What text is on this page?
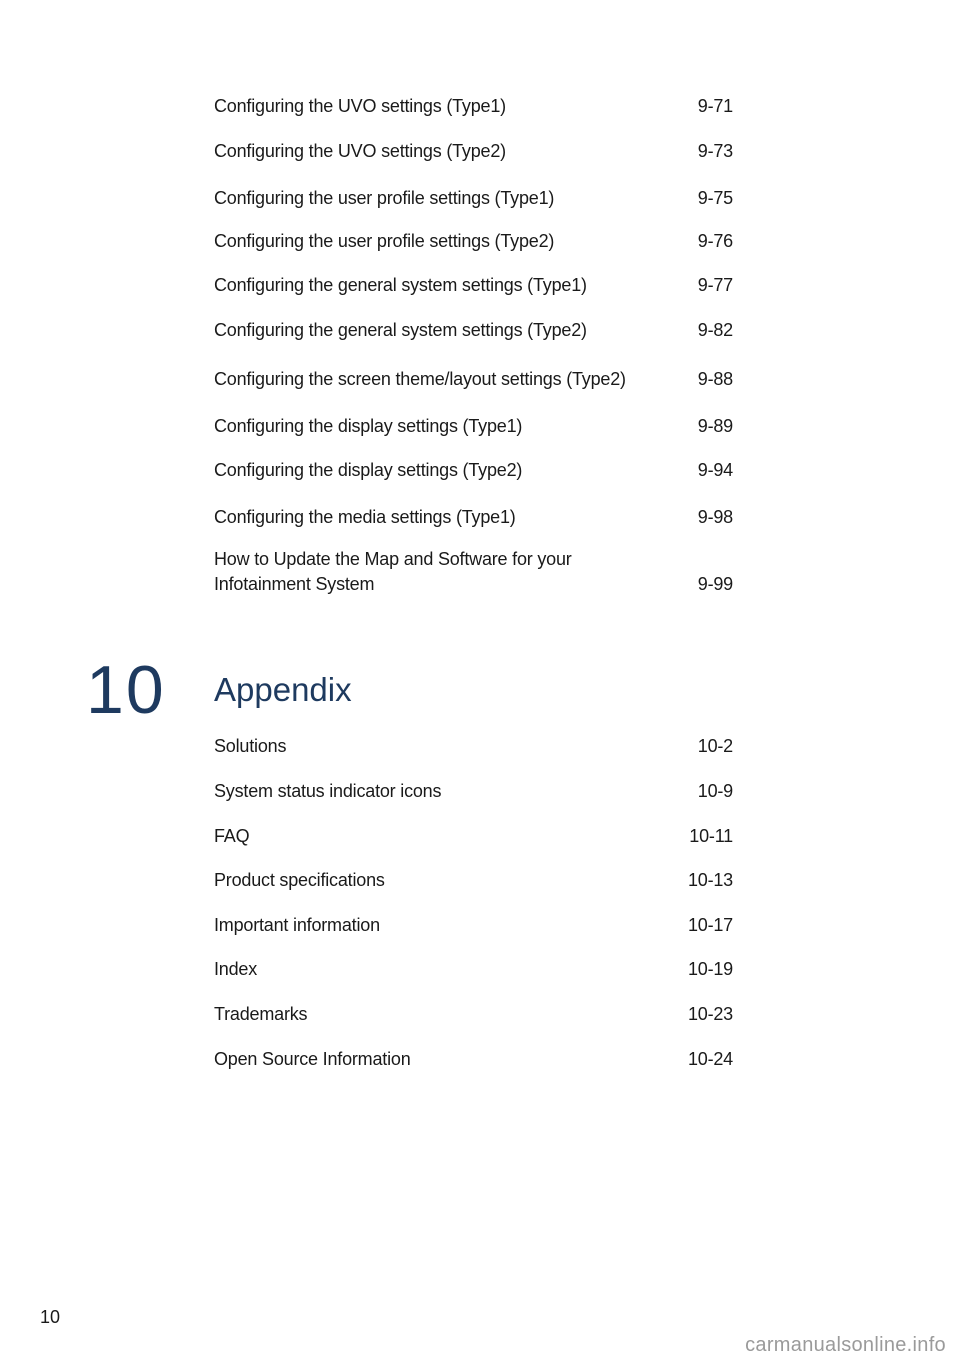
Configuring the UVO settings (Type1)	9-71
Configuring the UVO settings (Type2)	9-73
Configuring the user profile settings (Type1)	9-75
Configuring the user profile settings (Type2)	9-76
Configuring the general system settings (Type1)	9-77
Configuring the general system settings (Type2)	9-82
Configuring the screen theme/layout settings (Type2)	9-88
Configuring the display settings (Type1)	9-89
Configuring the display settings (Type2)	9-94
Configuring the media settings (Type1)	9-98
How to Update the Map and Software for your
Infotainment System	9-99
10 Appendix
Solutions	10-2
System status indicator icons	10-9
FAQ	10-11
Product specifications	10-13
Important information	10-17
Index	10-19
Trademarks	10-23
Open Source Information	10-24
10
carmanualsonline.info
